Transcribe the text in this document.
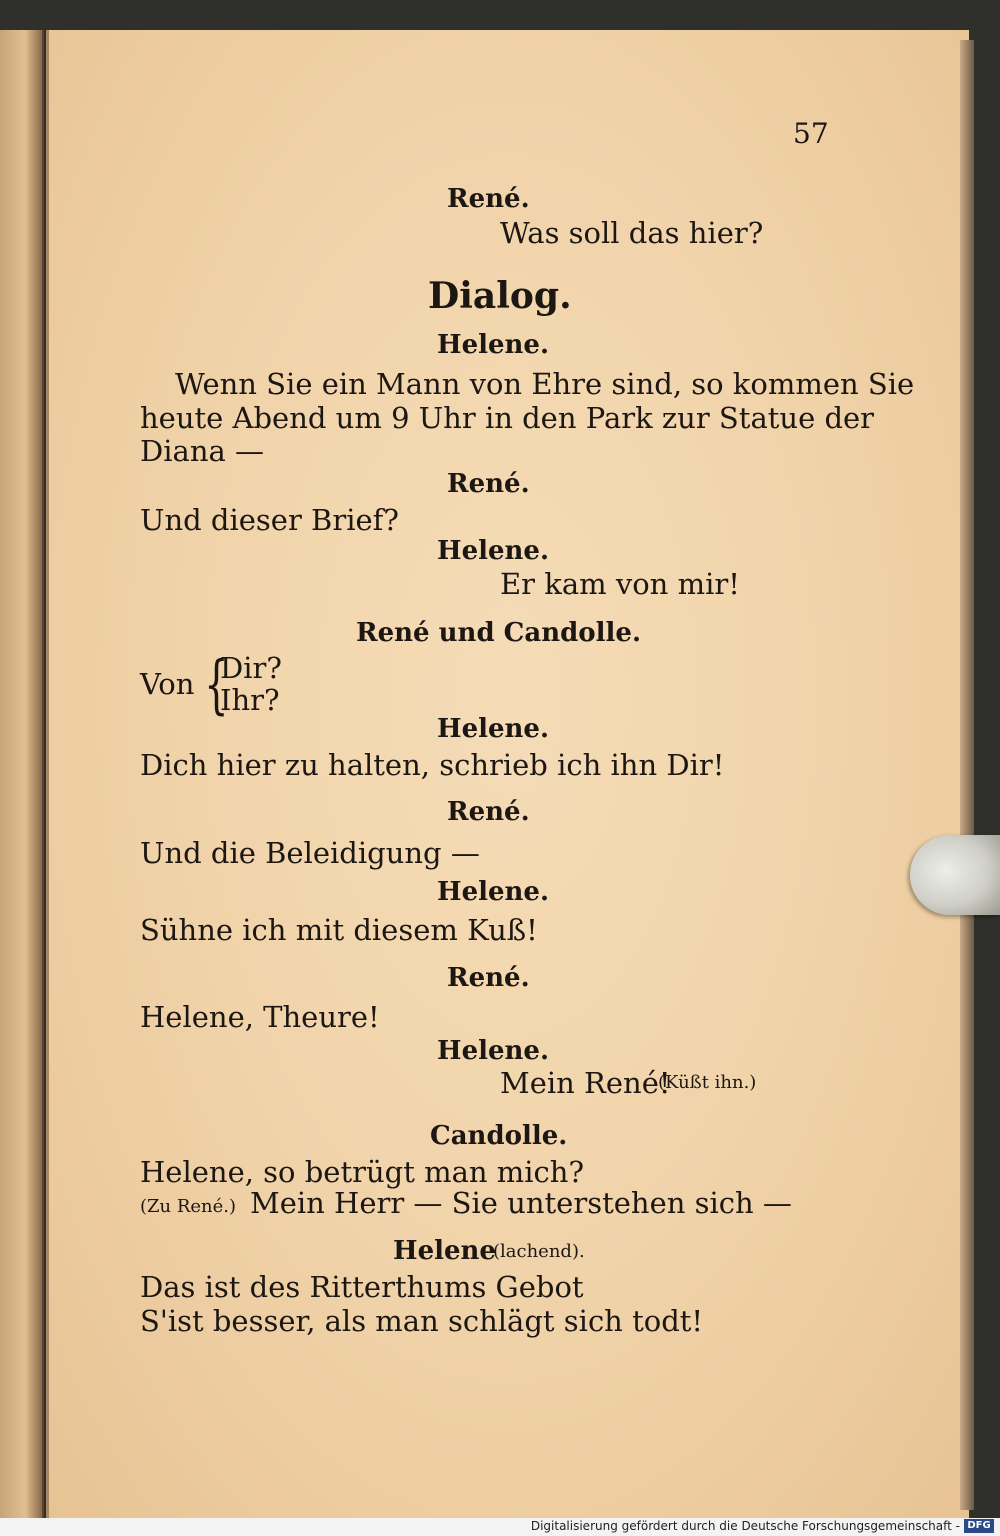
57
René.
Was soll das hier?
Dialog.
Helene.
Wenn Sie ein Mann von Ehre sind, so kommen Sie
heute Abend um 9 Uhr in den Park zur Statue der
Diana —
René.
Und dieser Brief?
Helene.
Er kam von mir!
René und Candolle.
Von {
Dir?
Ihr?
Helene.
Dich hier zu halten, schrieb ich ihn Dir!
René.
Und die Beleidigung —
Helene.
Sühne ich mit diesem Kuß!
René.
Helene, Theure!
Helene.
Mein René!
(Küßt ihn.)
Candolle.
Helene, so betrügt man mich?
(Zu René.) Mein Herr — Sie unterstehen sich —
Helene
(lachend).
Das ist des Ritterthums Gebot
S'ist besser, als man schlägt sich todt!
Digitalisierung gefördert durch die Deutsche Forschungsgemeinschaft - DFG
